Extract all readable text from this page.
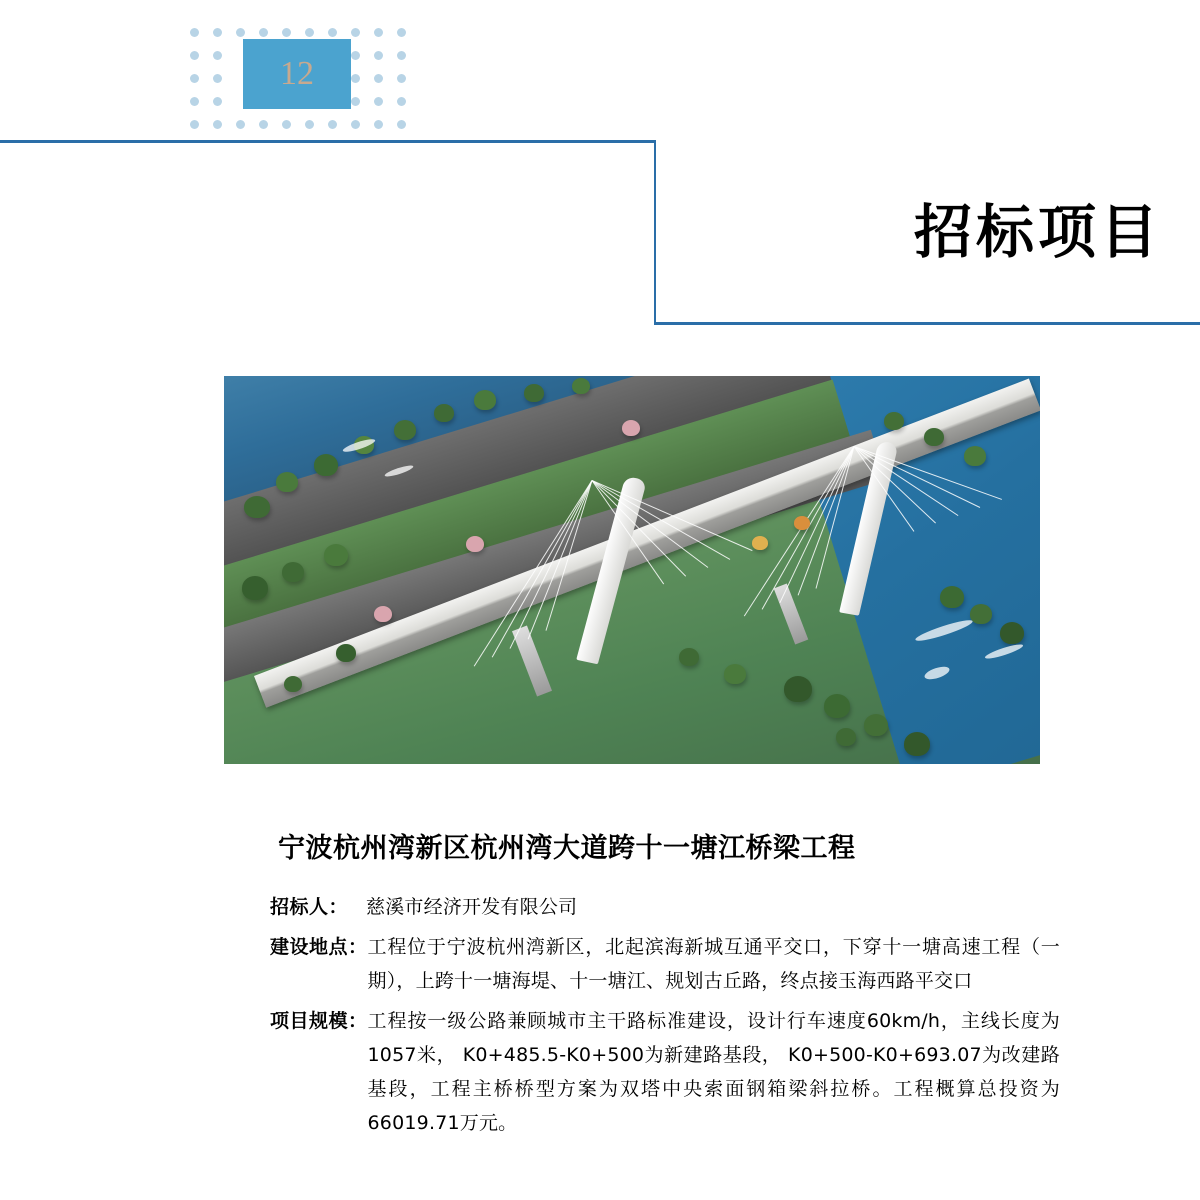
12
招标项目
宁波杭州湾新区杭州湾大道跨十一塘江桥梁工程
招标人： 慈溪市经济开发有限公司
建设地点： 工程位于宁波杭州湾新区，北起滨海新城互通平交口，下穿十一塘高速工程（一期），上跨十一塘海堤、十一塘江、规划古丘路，终点接玉海西路平交口
项目规模： 工程按一级公路兼顾城市主干路标准建设，设计行车速度60km/h，主线长度为1057米， K0+485.5-K0+500为新建路基段， K0+500-K0+693.07为改建路基段，工程主桥桥型方案为双塔中央索面钢箱梁斜拉桥。工程概算总投资为66019.71万元。
